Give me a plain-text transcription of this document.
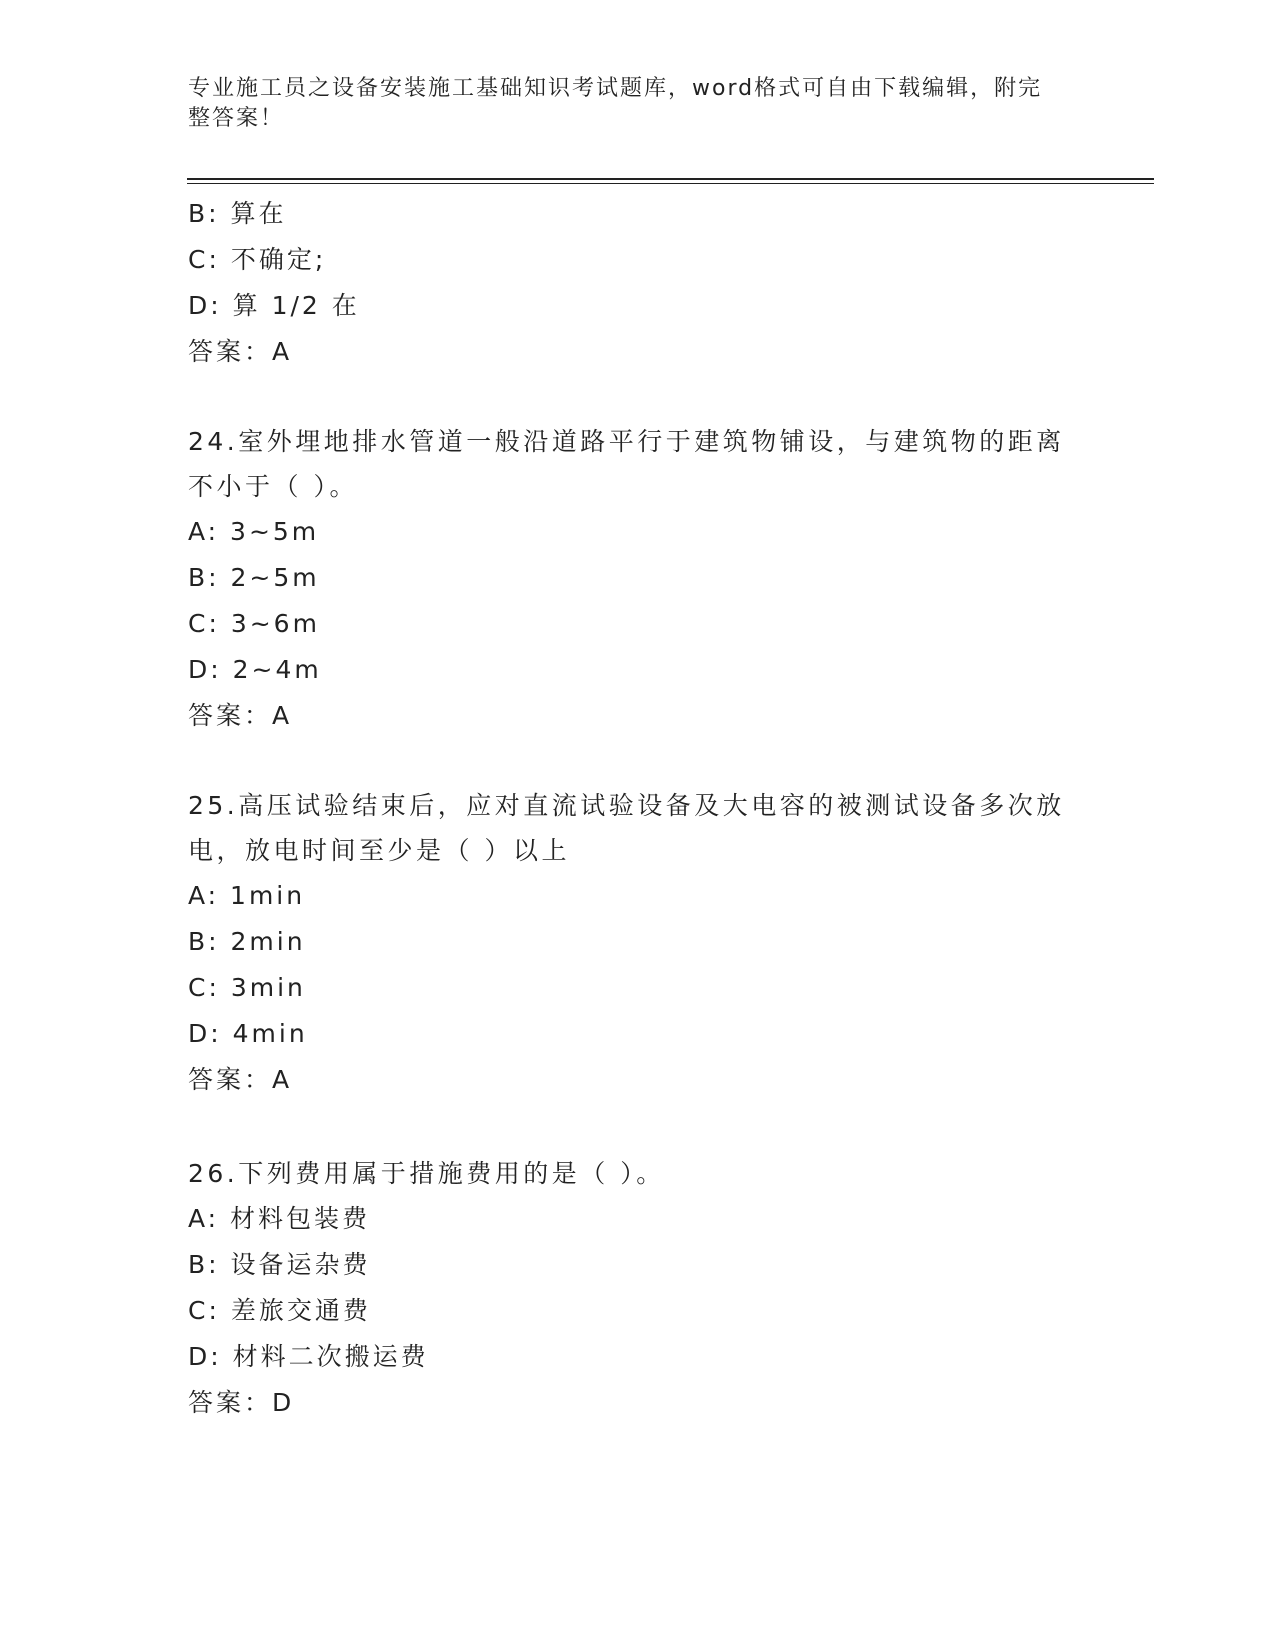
专业施工员之设备安装施工基础知识考试题库，word格式可自由下载编辑，附完
整答案！
B: 算在
C: 不确定;
D: 算 1/2 在
答案：A
24.室外埋地排水管道一般沿道路平行于建筑物铺设，与建筑物的距离
不小于（ ）。
A: 3~5m
B: 2~5m
C: 3~6m
D: 2~4m
答案：A
25.高压试验结束后，应对直流试验设备及大电容的被测试设备多次放
电，放电时间至少是（ ）以上
A: 1min
B: 2min
C: 3min
D: 4min
答案：A
26.下列费用属于措施费用的是（ ）。
A: 材料包装费
B: 设备运杂费
C: 差旅交通费
D: 材料二次搬运费
答案：D
